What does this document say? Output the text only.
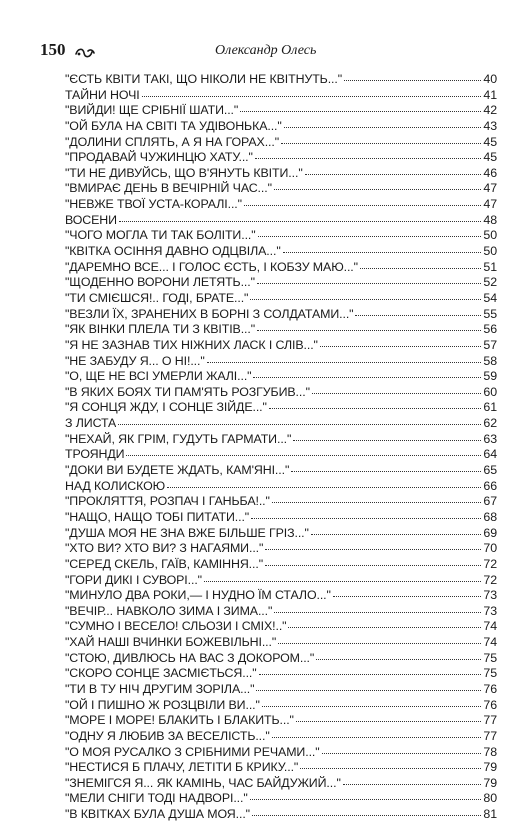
150	Олександр Олесь
"ЄСТЬ КВІТИ ТАКІ, ЩО НІКОЛИ НЕ КВІТНУТЬ..."	40
ТАЙНИ НОЧІ	41
"ВИЙДИ! ЩЕ СРІБНІЇ ШАТИ..."	42
"ОЙ БУЛА НА СВІТІ ТА УДІВОНЬКА..."	43
"ДОЛИНИ СПЛЯТЬ, А Я НА ГОРАХ..."	45
"ПРОДАВАЙ ЧУЖИНЦЮ ХАТУ..."	45
"ТИ НЕ ДИВУЙСЬ, ЩО В'ЯНУТЬ КВІТИ..."	46
"ВМИРАЄ ДЕНЬ В ВЕЧІРНІЙ ЧАС..."	47
"НЕВЖЕ ТВОЇ УСТА-КОРАЛІ..."	47
ВОСЕНИ	48
"ЧОГО МОГЛА ТИ ТАК БОЛІТИ..."	50
"КВІТКА ОСІННЯ ДАВНО ОДЦВІЛА..."	50
"ДАРЕМНО ВСЕ... І ГОЛОС ЄСТЬ, І КОБЗУ МАЮ..."	51
"ЩОДЕННО ВОРОНИ ЛЕТЯТЬ..."	52
"ТИ СМІЄШСЯ!.. ГОДІ, БРАТЕ..."	54
"ВЕЗЛИ ЇХ, ЗРАНЕНИХ В БОРНІ З СОЛДАТАМИ..."	55
"ЯК ВІНКИ ПЛЕЛА ТИ З КВІТІВ..."	56
"Я НЕ ЗАЗНАВ ТИХ НІЖНИХ ЛАСК І СЛІВ..."	57
"НЕ ЗАБУДУ Я... О НІ!..."	58
"О, ЩЕ НЕ ВСІ УМЕРЛИ ЖАЛІ..."	59
"В ЯКИХ БОЯХ ТИ ПАМ'ЯТЬ РОЗГУБИВ..."	60
"Я СОНЦЯ ЖДУ, І СОНЦЕ ЗІЙДЕ..."	61
З ЛИСТА	62
"НЕХАЙ, ЯК ГРІМ, ГУДУТЬ ГАРМАТИ..."	63
ТРОЯНДИ	64
"ДОКИ ВИ БУДЕТЕ ЖДАТЬ, КАМ'ЯНІ..."	65
НАД КОЛИСКОЮ	66
"ПРОКЛЯТТЯ, РОЗПАЧ І ГАНЬБА!.."	67
"НАЩО, НАЩО ТОБІ ПИТАТИ..."	68
"ДУША МОЯ НЕ ЗНА ВЖЕ БІЛЬШЕ ГРІЗ..."	69
"ХТО ВИ? ХТО ВИ? З НАГАЯМИ..."	70
"СЕРЕД СКЕЛЬ, ГАЇВ, КАМІННЯ..."	72
"ГОРИ ДИКІ І СУВОРІ..."	72
"МИНУЛО ДВА РОКИ,— І НУДНО ЇМ СТАЛО..."	73
"ВЕЧІР... НАВКОЛО ЗИМА І ЗИМА..."	73
"СУМНО І ВЕСЕЛО! СЛЬОЗИ І СМІХ!.."	74
"ХАЙ НАШІ ВЧИНКИ БОЖЕВІЛЬНІ..."	74
"СТОЮ, ДИВЛЮСЬ НА ВАС З ДОКОРОМ..."	75
"СКОРО СОНЦЕ ЗАСМІЄТЬСЯ..."	75
"ТИ В ТУ НІЧ ДРУГИМ ЗОРІЛА..."	76
"ОЙ І ПИШНО Ж РОЗЦВІЛИ ВИ..."	76
"МОРЕ І МОРЕ! БЛАКИТЬ І БЛАКИТЬ..."	77
"ОДНУ Я ЛЮБИВ ЗА ВЕСЕЛІСТЬ..."	77
"О МОЯ РУСАЛКО З СРІБНИМИ РЕЧАМИ..."	78
"НЕСТИСЯ Б ПЛАЧУ, ЛЕТІТИ Б КРИКУ..."	79
"ЗНЕМІГСЯ Я... ЯК КАМІНЬ, ЧАС БАЙДУЖИЙ..."	79
"МЕЛИ СНІГИ ТОДІ НАДВОРІ..."	80
"В КВІТКАХ БУЛА ДУША МОЯ..."	81
